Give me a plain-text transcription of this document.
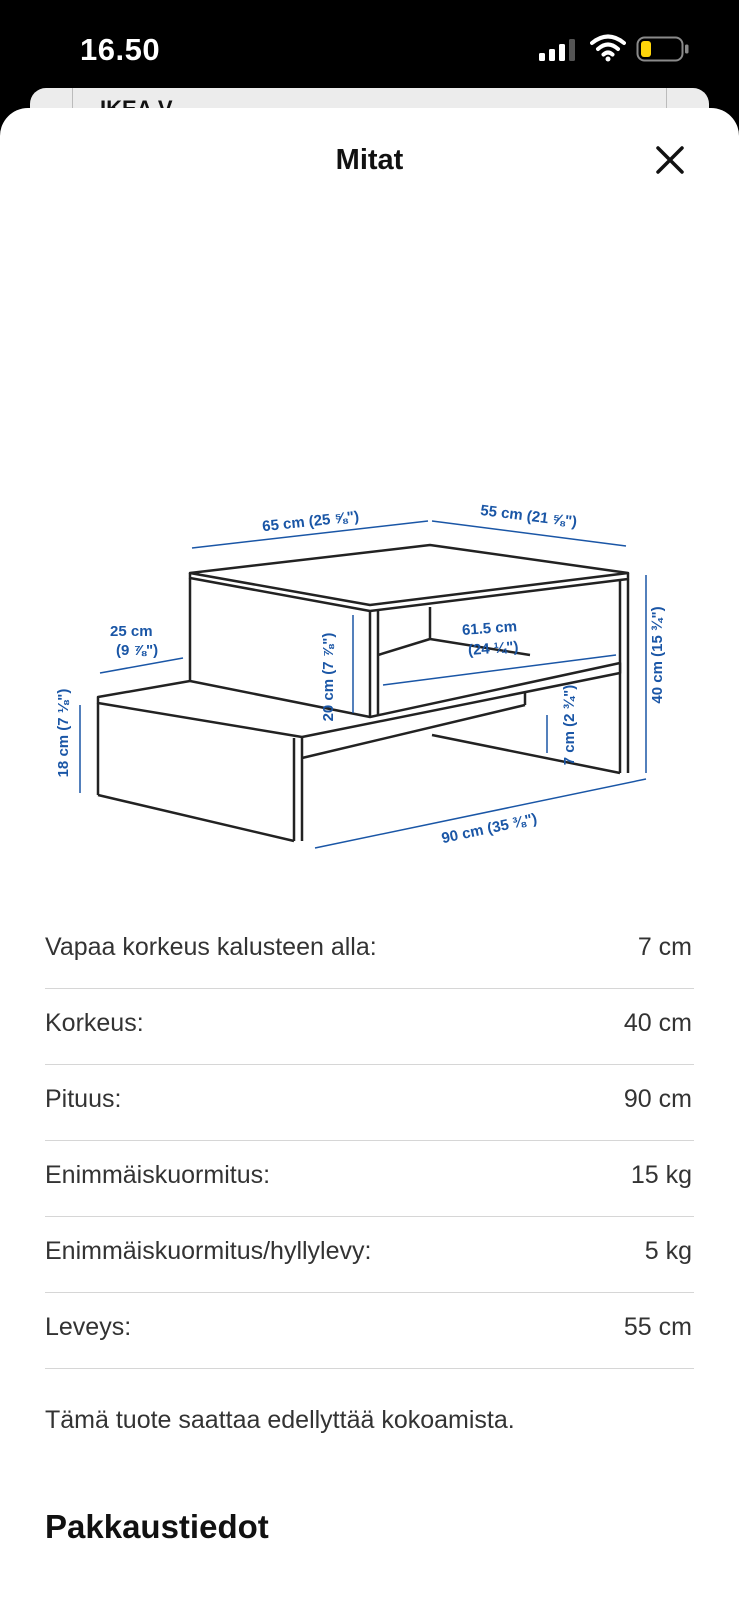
16.50
Mitat
65 cm (25 ⅝")	55 cm (21 ⅝")
25 cm
(9 ⅞")
61.5 cm
(24 ¼")
20 cm (7 ⅞")	40 cm (15 ¾")
18 cm (7 ⅛")	7 cm (2 ¾")
90 cm (35 ⅜")
Vapaa korkeus kalusteen alla:	7 cm
Korkeus:	40 cm
Pituus:	90 cm
Enimmäiskuormitus:	15 kg
Enimmäiskuormitus/hyllylevy:	5 kg
Leveys:	55 cm
Tämä tuote saattaa edellyttää kokoamista.
Pakkaustiedot
